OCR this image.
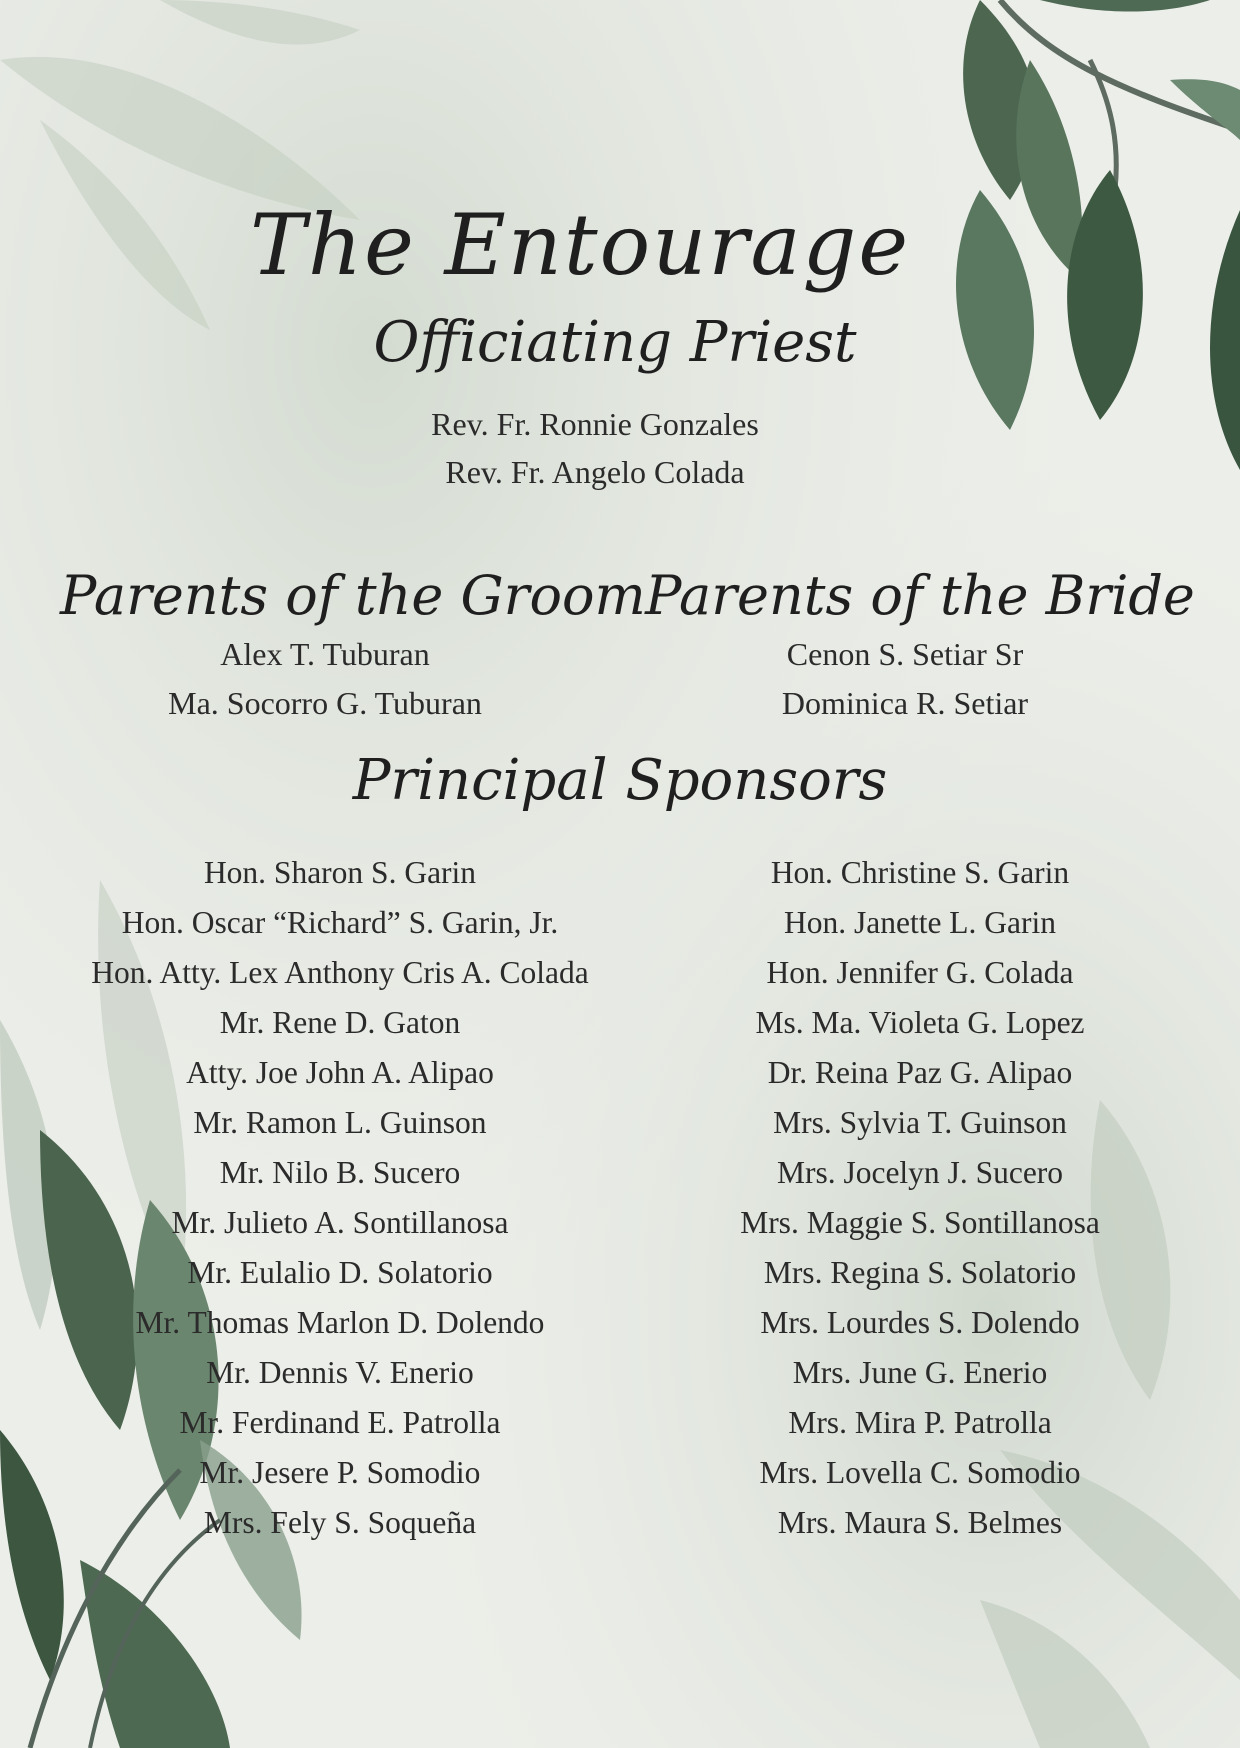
The Entourage
Officiating Priest
Rev. Fr. Ronnie Gonzales
Rev. Fr. Angelo Colada
Parents of the Groom
Alex T. Tuburan
Ma. Socorro G. Tuburan
Parents of the Bride
Cenon S. Setiar Sr
Dominica R. Setiar
Principal Sponsors
Hon. Sharon S. Garin
Hon. Oscar “Richard” S. Garin, Jr.
Hon. Atty. Lex Anthony Cris A. Colada
Mr. Rene D. Gaton
Atty. Joe John A. Alipao
Mr. Ramon L. Guinson
Mr. Nilo B. Sucero
Mr. Julieto A. Sontillanosa
Mr. Eulalio D. Solatorio
Mr. Thomas Marlon D. Dolendo
Mr. Dennis V. Enerio
Mr. Ferdinand E. Patrolla
Mr. Jesere P. Somodio
Mrs. Fely S. Soqueña
Hon. Christine S. Garin
Hon. Janette L. Garin
Hon. Jennifer G. Colada
Ms. Ma. Violeta G. Lopez
Dr. Reina Paz G. Alipao
Mrs. Sylvia T. Guinson
Mrs. Jocelyn J. Sucero
Mrs. Maggie S. Sontillanosa
Mrs. Regina S. Solatorio
Mrs. Lourdes S. Dolendo
Mrs. June G. Enerio
Mrs. Mira P. Patrolla
Mrs. Lovella C. Somodio
Mrs. Maura S. Belmes
